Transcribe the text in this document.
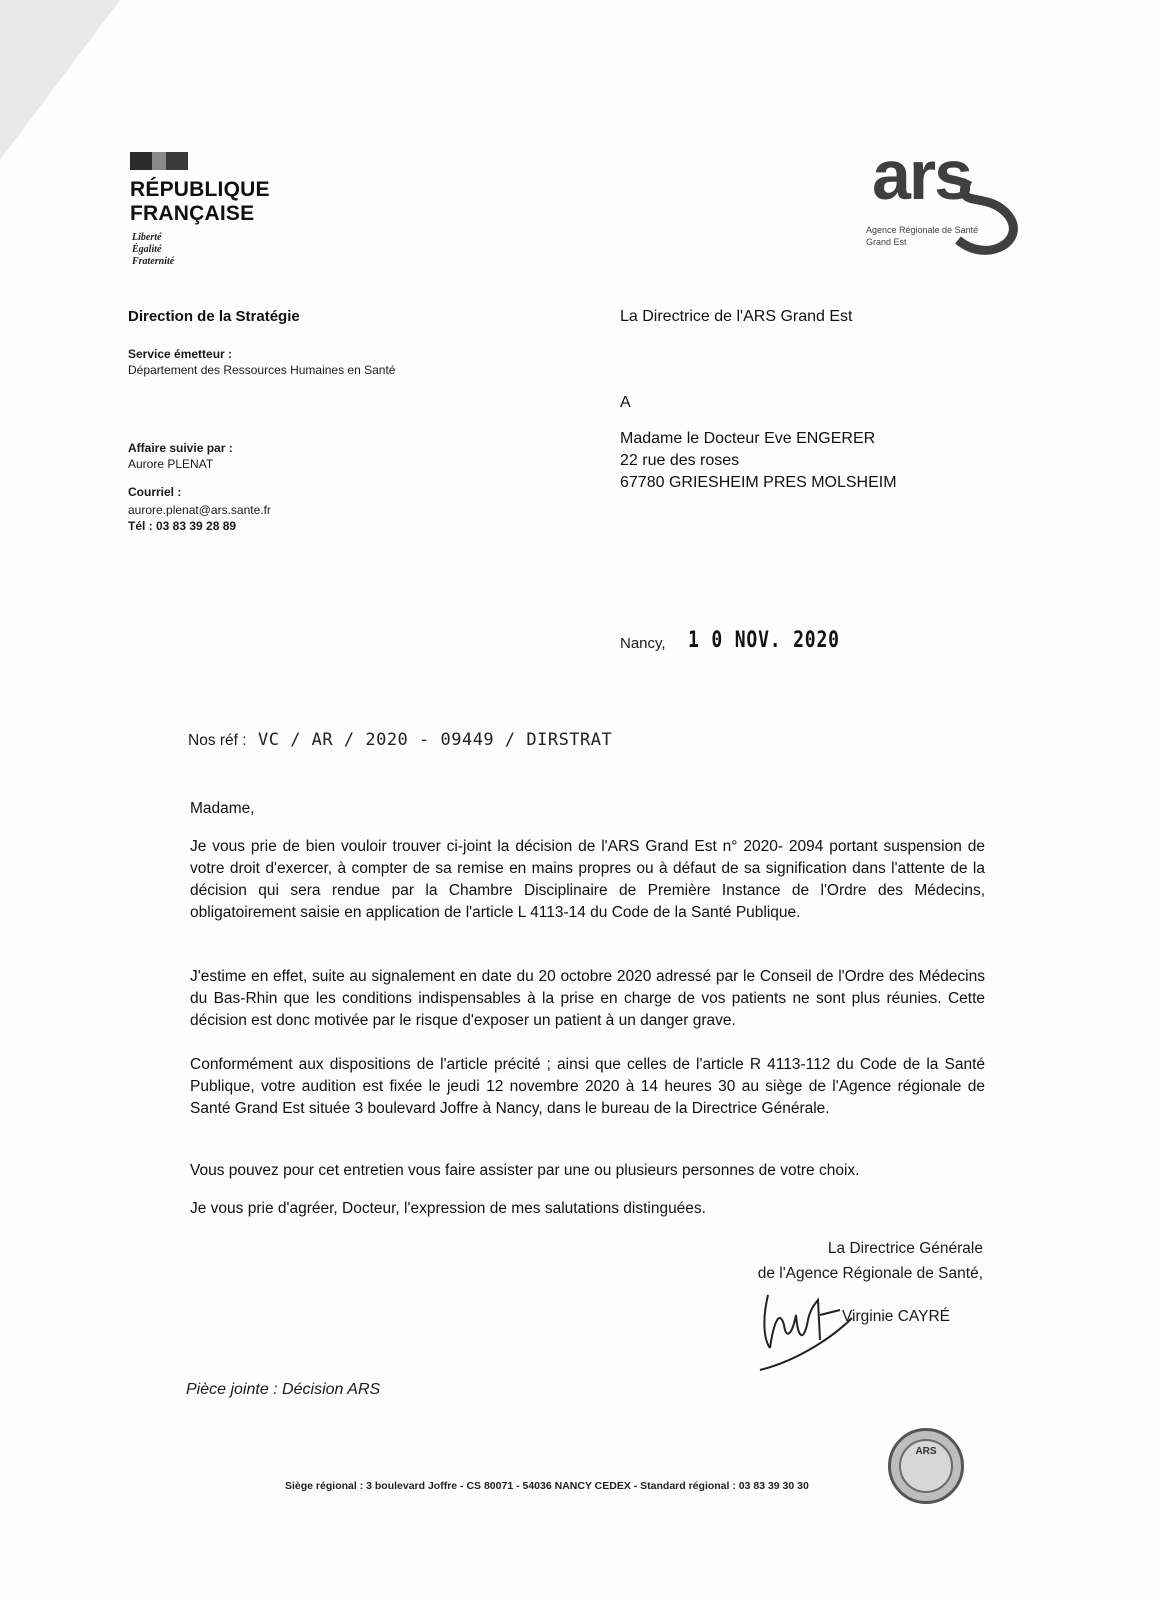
RÉPUBLIQUE
FRANÇAISE
Liberté
Égalité
Fraternité
ars
Agence Régionale de Santé
Grand Est
Direction de la Stratégie
Service émetteur :
Département des Ressources Humaines en Santé
Affaire suivie par :
Aurore PLENAT
Courriel :
aurore.plenat@ars.sante.fr
Tél : 03 83 39 28 89
La Directrice de l'ARS Grand Est
A
Madame le Docteur Eve ENGERER
22 rue des roses
67780 GRIESHEIM PRES MOLSHEIM
Nancy, 1 0 NOV. 2020
Nos réf : VC / AR / 2020 - 09449 / DIRSTRAT
Madame,
Je vous prie de bien vouloir trouver ci-joint la décision de l'ARS Grand Est n° 2020- 2094 portant suspension de votre droit d'exercer, à compter de sa remise en mains propres ou à défaut de sa signification dans l'attente de la décision qui sera rendue par la Chambre Disciplinaire de Première Instance de l'Ordre des Médecins, obligatoirement saisie en application de l'article L 4113-14 du Code de la Santé Publique.
J'estime en effet, suite au signalement en date du 20 octobre 2020 adressé par le Conseil de l'Ordre des Médecins du Bas-Rhin que les conditions indispensables à la prise en charge de vos patients ne sont plus réunies. Cette décision est donc motivée par le risque d'exposer un patient à un danger grave.
Conformément aux dispositions de l'article précité ; ainsi que celles de l'article R 4113-112 du Code de la Santé Publique, votre audition est fixée le jeudi 12 novembre 2020 à 14 heures 30 au siège de l'Agence régionale de Santé Grand Est située 3 boulevard Joffre à Nancy, dans le bureau de la Directrice Générale.
Vous pouvez pour cet entretien vous faire assister par une ou plusieurs personnes de votre choix.
Je vous prie d'agréer, Docteur, l'expression de mes salutations distinguées.
La Directrice Générale
de l'Agence Régionale de Santé,
Virginie CAYRÉ
Pièce jointe : Décision ARS
ARS
Siège régional : 3 boulevard Joffre - CS 80071 - 54036 NANCY CEDEX - Standard régional : 03 83 39 30 30
